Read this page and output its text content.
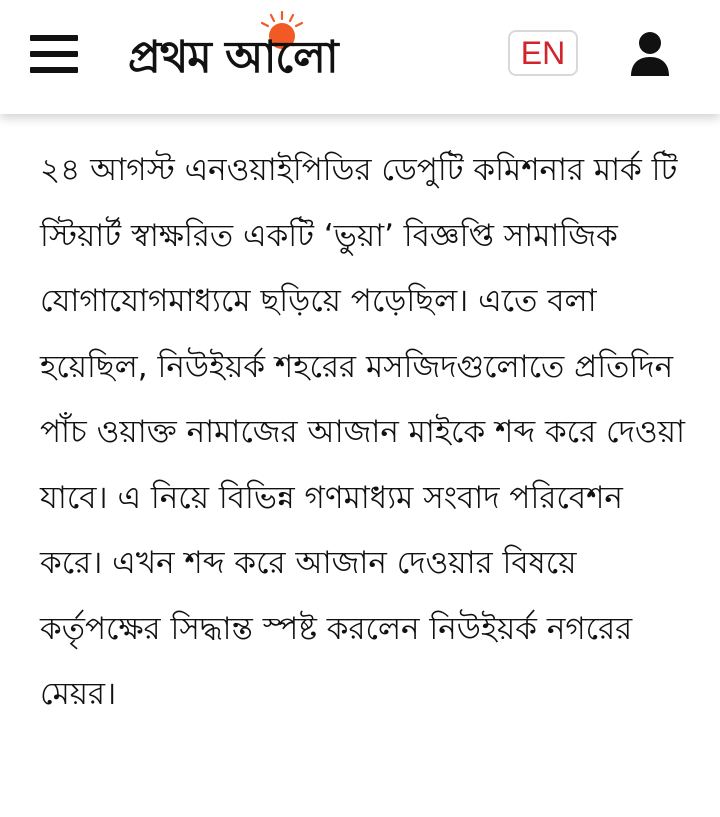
প্রথম আলো	EN

২৪ আগস্ট এনওয়াইপিডির ডেপুটি কমিশনার মার্ক টি স্টিয়ার্ট স্বাক্ষরিত একটি ‘ভুয়া’ বিজ্ঞপ্তি সামাজিক যোগাযোগমাধ্যমে ছড়িয়ে পড়েছিল। এতে বলা হয়েছিল, নিউইয়র্ক শহরের মসজিদগুলোতে প্রতিদিন পাঁচ ওয়াক্ত নামাজের আজান মাইকে শব্দ করে দেওয়া যাবে। এ নিয়ে বিভিন্ন গণমাধ্যম সংবাদ পরিবেশন করে। এখন শব্দ করে আজান দেওয়ার বিষয়ে কর্তৃপক্ষের সিদ্ধান্ত স্পষ্ট করলেন নিউইয়র্ক নগরের মেয়র।
